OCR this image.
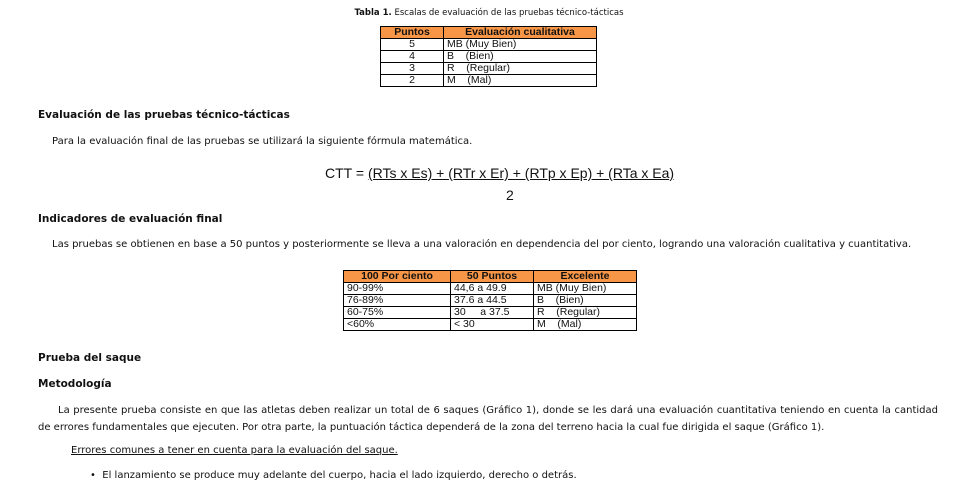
Tabla 1. Escalas de evaluación de las pruebas técnico-tácticas
Puntos	Evaluación cualitativa
5	MB (Muy Bien)
4	B    (Bien)
3	R    (Regular)
2	M    (Mal)
Evaluación de las pruebas técnico-tácticas
Para la evaluación final de las pruebas se utilizará la siguiente fórmula matemática.
CTT = (RTs x Es) + (RTr x Er) + (RTp x Ep) + (RTa x Ea)
2
Indicadores de evaluación final
Las pruebas se obtienen en base a 50 puntos y posteriormente se lleva a una valoración en dependencia del por ciento, logrando una valoración cualitativa y cuantitativa.
100 Por ciento	50 Puntos	Excelente
90-99%	44,6 a 49.9	MB (Muy Bien)
76-89%	37.6 a 44.5	B    (Bien)
60-75%	30     a 37.5	R    (Regular)
<60%	< 30	M    (Mal)
Prueba del saque
Metodología
La presente prueba consiste en que las atletas deben realizar un total de 6 saques (Gráfico 1), donde se les dará una evaluación cuantitativa teniendo en cuenta la cantidad de errores fundamentales que ejecuten. Por otra parte, la puntuación táctica dependerá de la zona del terreno hacia la cual fue dirigida el saque (Gráfico 1).
Errores comunes a tener en cuenta para la evaluación del saque.
• El lanzamiento se produce muy adelante del cuerpo, hacia el lado izquierdo, derecho o detrás.
